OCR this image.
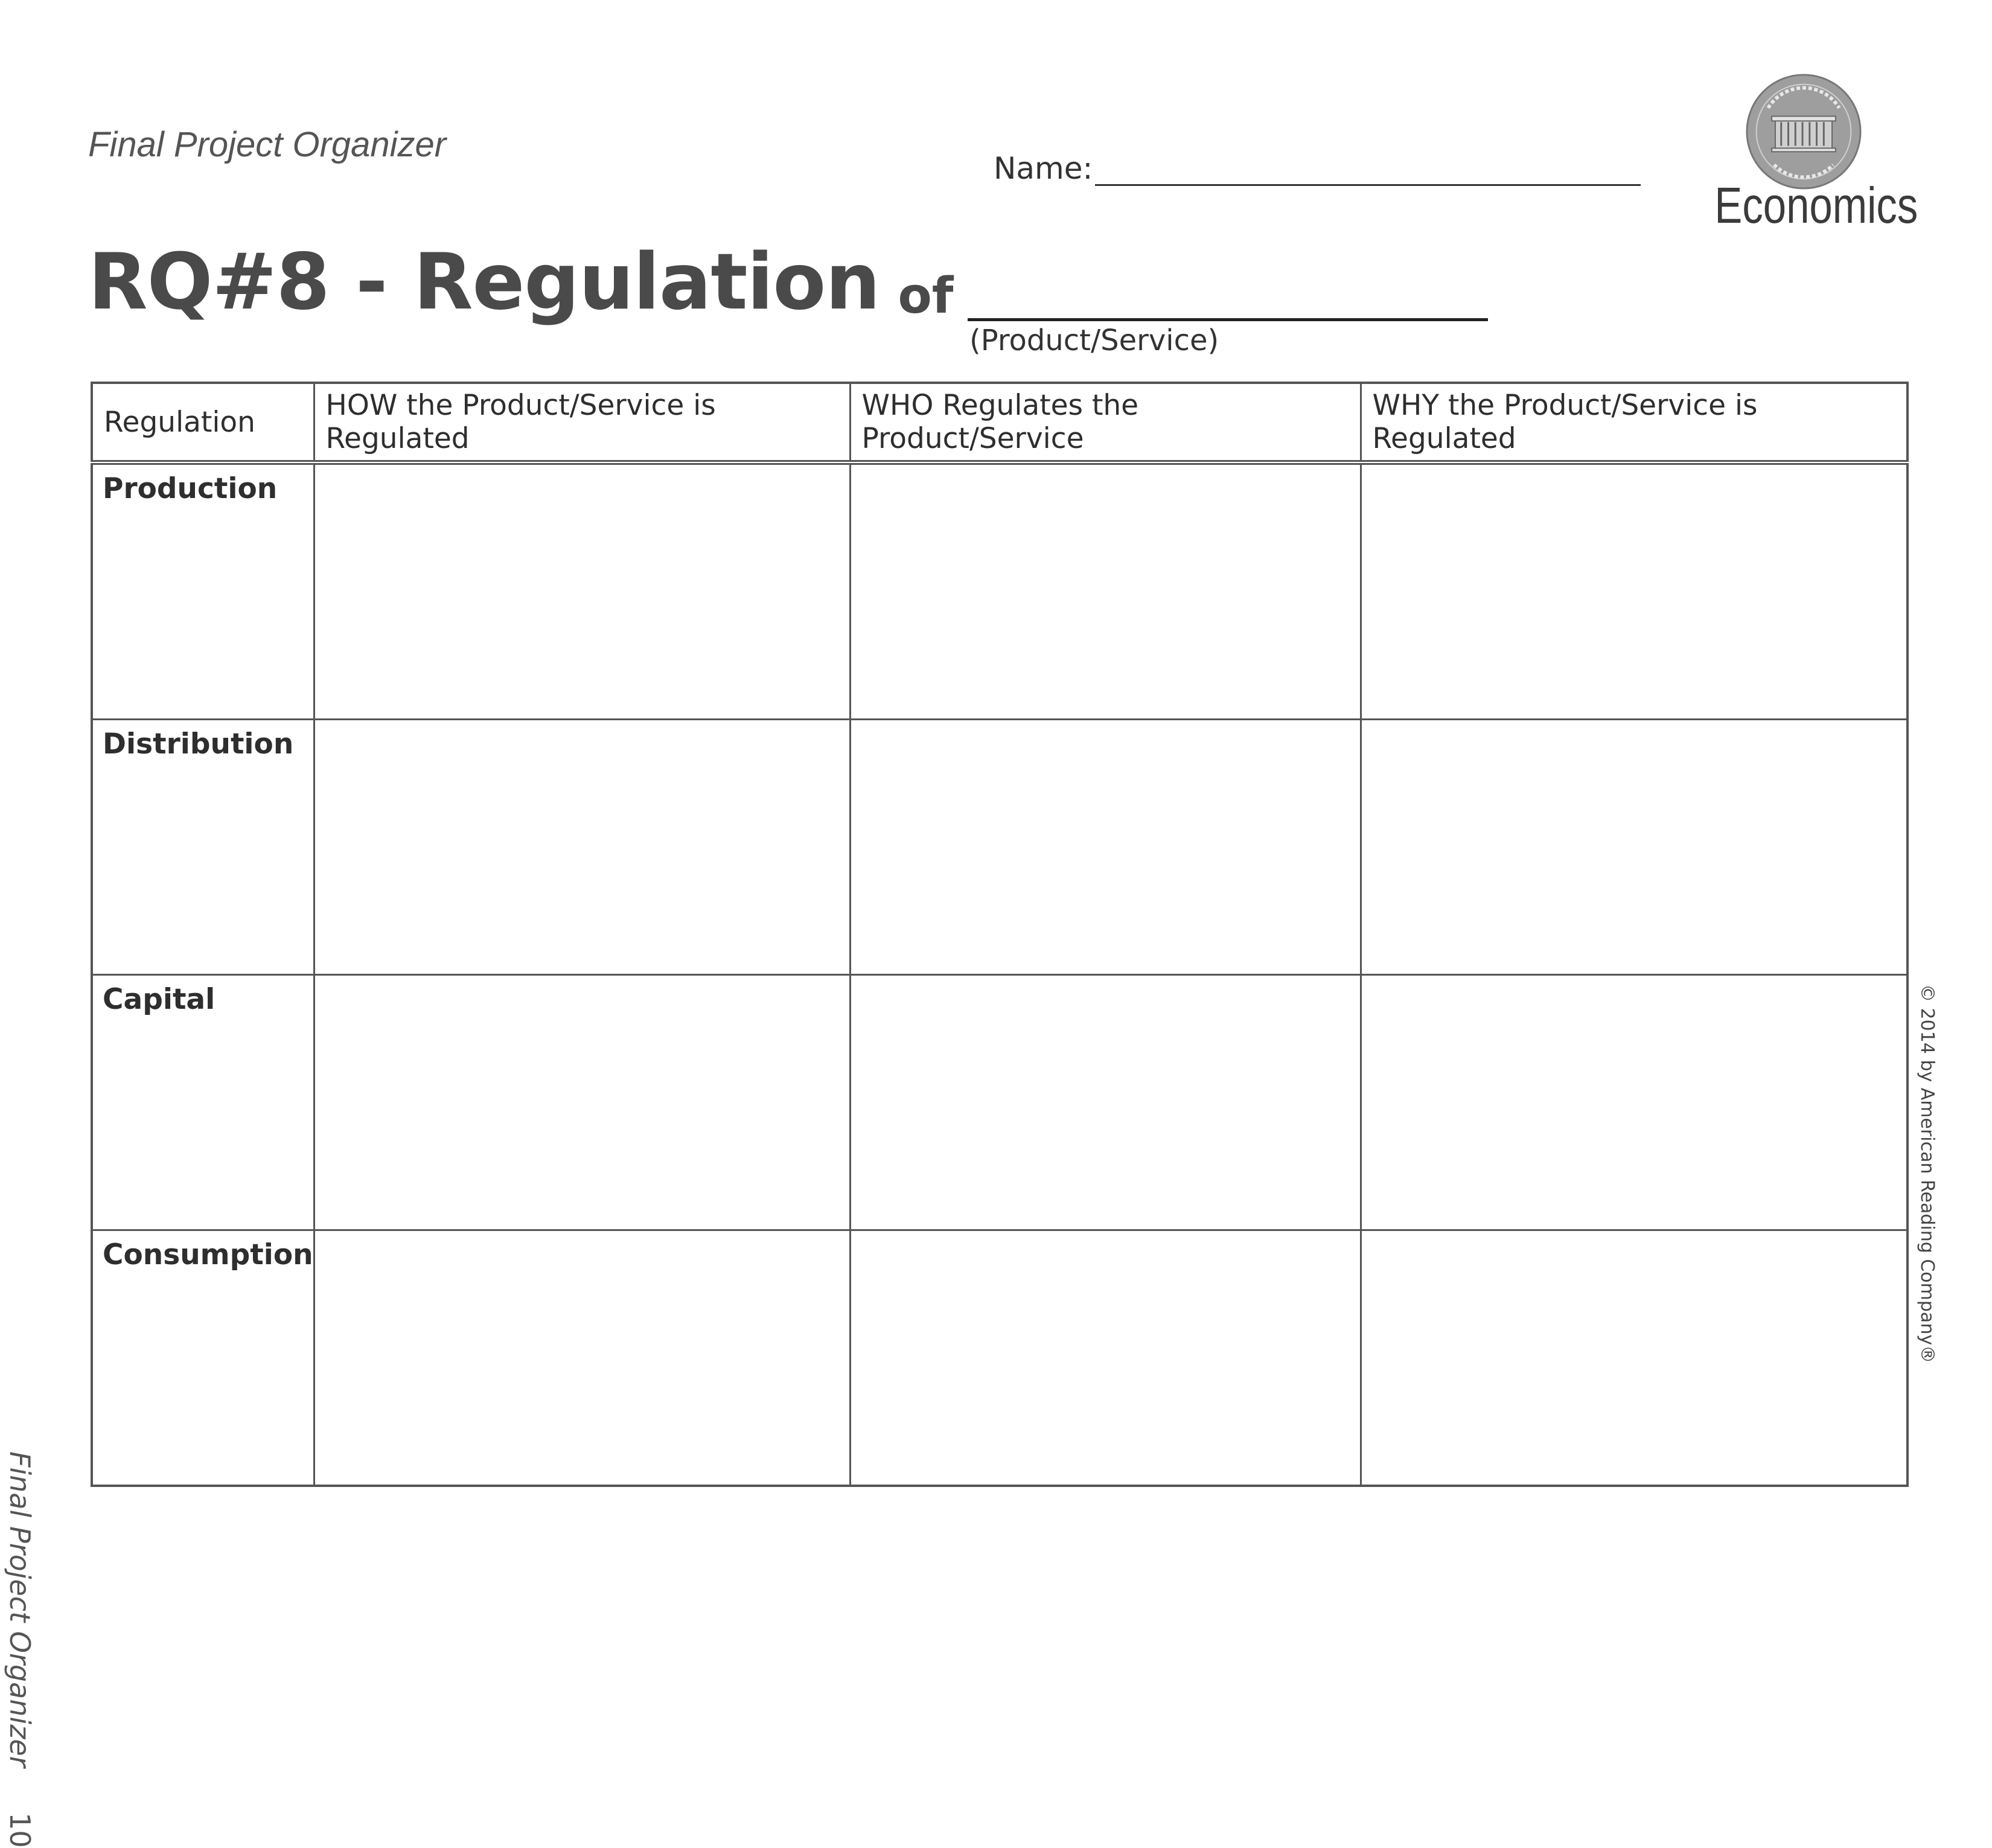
Final Project Organizer
Name:
Economics
RQ#8 - Regulation of
(Product/Service)
Regulation	HOW the Product/Service is Regulated	WHO Regulates the Product/Service	WHY the Product/Service is Regulated
Production			
Distribution			
Capital			
Consumption			
Final Project Organizer 10
© 2014 by American Reading Company®
